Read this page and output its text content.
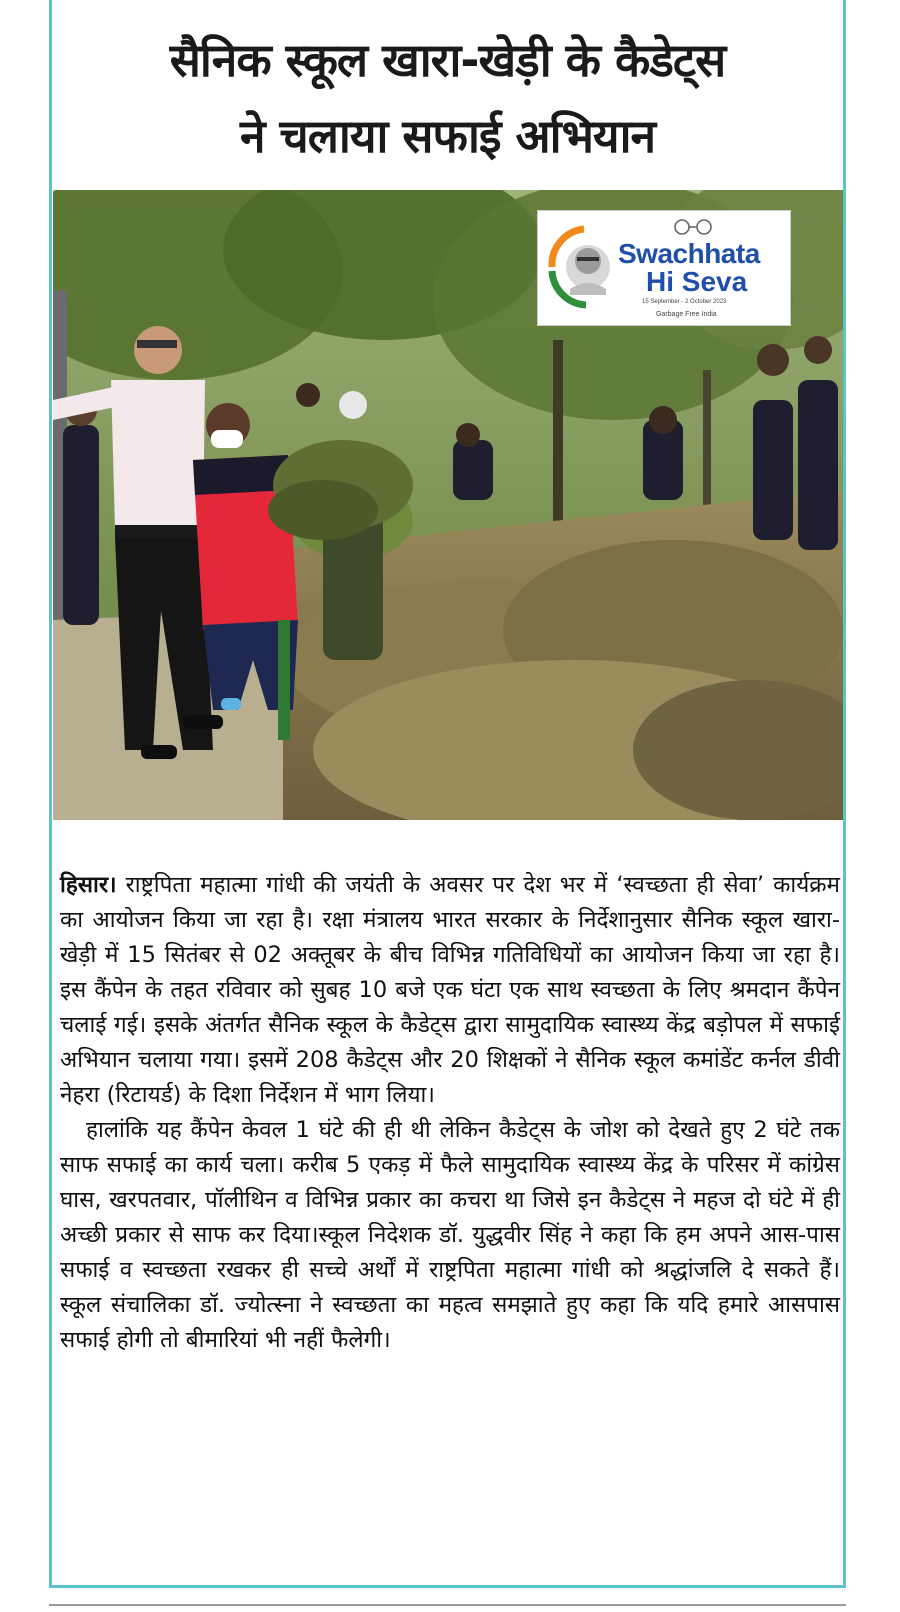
सैनिक स्कूल खारा-खेड़ी के कैडेट्स
ने चलाया सफाई अभियान
Swachhata
Hi Seva
15 September - 2 October 2023
Garbage Free India

हिसार। राष्ट्रपिता महात्मा गांधी की जयंती के अवसर पर देश भर में ‘स्वच्छता ही सेवा’ कार्यक्रम का आयोजन किया जा रहा है। रक्षा मंत्रालय भारत सरकार के निर्देशानुसार सैनिक स्कूल खारा-खेड़ी में 15 सितंबर से 02 अक्तूबर के बीच विभिन्न गतिविधियों का आयोजन किया जा रहा है। इस कैंपेन के तहत रविवार को सुबह 10 बजे एक घंटा एक साथ स्वच्छता के लिए श्रमदान कैंपेन चलाई गई। इसके अंतर्गत सैनिक स्कूल के कैडेट्स द्वारा सामुदायिक स्वास्थ्य केंद्र बड़ोपल में सफाई अभियान चलाया गया। इसमें 208 कैडेट्स और 20 शिक्षकों ने सैनिक स्कूल कमांडेंट कर्नल डीवी नेहरा (रिटायर्ड) के दिशा निर्देशन में भाग लिया।

हालांकि यह कैंपेन केवल 1 घंटे की ही थी लेकिन कैडेट्स के जोश को देखते हुए 2 घंटे तक साफ सफाई का कार्य चला। करीब 5 एकड़ में फैले सामुदायिक स्वास्थ्य केंद्र के परिसर में कांग्रेस घास, खरपतवार, पॉलीथिन व विभिन्न प्रकार का कचरा था जिसे इन कैडेट्स ने महज दो घंटे में ही अच्छी प्रकार से साफ कर दिया।स्कूल निदेशक डॉ. युद्धवीर सिंह ने कहा कि हम अपने आस-पास सफाई व स्वच्छता रखकर ही सच्चे अर्थों में राष्ट्रपिता महात्मा गांधी को श्रद्धांजलि दे सकते हैं। स्कूल संचालिका डॉ. ज्योत्स्ना ने स्वच्छता का महत्व समझाते हुए कहा कि यदि हमारे आसपास सफाई होगी तो बीमारियां भी नहीं फैलेगी।
